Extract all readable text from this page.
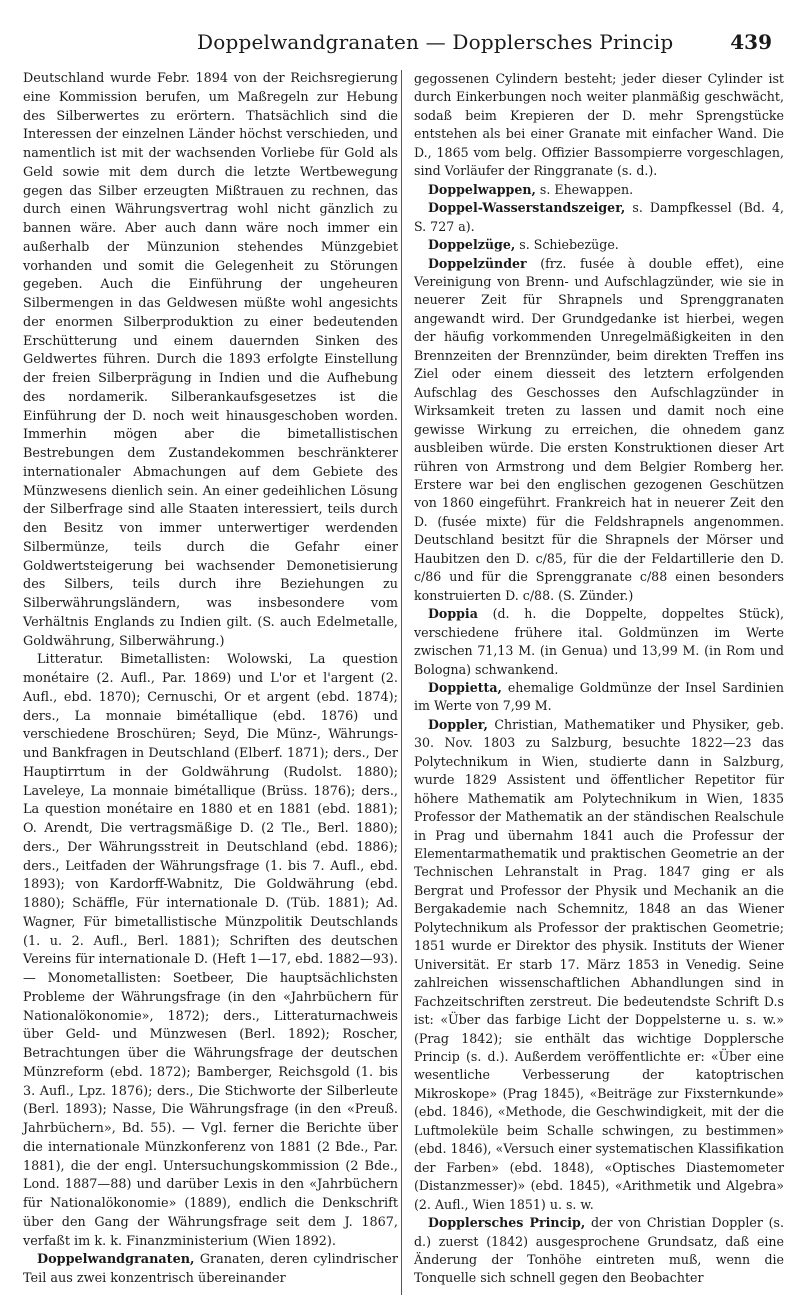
Doppelwandgranaten — Dopplersches Princip	439

Deutschland wurde Febr. 1894 von der Reichsregierung eine Kommission berufen, um Maßregeln zur Hebung des Silberwertes zu erörtern. Thatsächlich sind die Interessen der einzelnen Länder höchst verschieden, und namentlich ist mit der wachsenden Vorliebe für Gold als Geld sowie mit dem durch die letzte Wertbewegung gegen das Silber erzeugten Mißtrauen zu rechnen, das durch einen Währungsvertrag wohl nicht gänzlich zu bannen wäre. Aber auch dann wäre noch immer ein außerhalb der Münzunion stehendes Münzgebiet vorhanden und somit die Gelegenheit zu Störungen gegeben. Auch die Einführung der ungeheuren Silbermengen in das Geldwesen müßte wohl angesichts der enormen Silberproduktion zu einer bedeutenden Erschütterung und einem dauernden Sinken des Geldwertes führen. Durch die 1893 erfolgte Einstellung der freien Silberprägung in Indien und die Aufhebung des nordamerik. Silberankaufsgesetzes ist die Einführung der D. noch weit hinausgeschoben worden. Immerhin mögen aber die bimetallistischen Bestrebungen dem Zustandekommen beschränkterer internationaler Abmachungen auf dem Gebiete des Münzwesens dienlich sein. An einer gedeihlichen Lösung der Silberfrage sind alle Staaten interessiert, teils durch den Besitz von immer unterwertiger werdenden Silbermünze, teils durch die Gefahr einer Goldwertsteigerung bei wachsender Demonetisierung des Silbers, teils durch ihre Beziehungen zu Silberwährungsländern, was insbesondere vom Verhältnis Englands zu Indien gilt. (S. auch Edelmetalle, Goldwährung, Silberwährung.)

Litteratur. Bimetallisten: Wolowski, La question monétaire (2. Aufl., Par. 1869) und L'or et l'argent (2. Aufl., ebd. 1870); Cernuschi, Or et argent (ebd. 1874); ders., La monnaie bimétallique (ebd. 1876) und verschiedene Broschüren; Seyd, Die Münz-, Währungs- und Bankfragen in Deutschland (Elberf. 1871); ders., Der Hauptirrtum in der Goldwährung (Rudolst. 1880); Laveleye, La monnaie bimétallique (Brüss. 1876); ders., La question monétaire en 1880 et en 1881 (ebd. 1881); O. Arendt, Die vertragsmäßige D. (2 Tle., Berl. 1880); ders., Der Währungsstreit in Deutschland (ebd. 1886); ders., Leitfaden der Währungsfrage (1. bis 7. Aufl., ebd. 1893); von Kardorff-Wabnitz, Die Goldwährung (ebd. 1880); Schäffle, Für internationale D. (Tüb. 1881); Ad. Wagner, Für bimetallistische Münzpolitik Deutschlands (1. u. 2. Aufl., Berl. 1881); Schriften des deutschen Vereins für internationale D. (Heft 1—17, ebd. 1882—93). — Monometallisten: Soetbeer, Die hauptsächlichsten Probleme der Währungsfrage (in den «Jahrbüchern für Nationalökonomie», 1872); ders., Litteraturnachweis über Geld- und Münzwesen (Berl. 1892); Roscher, Betrachtungen über die Währungsfrage der deutschen Münzreform (ebd. 1872); Bamberger, Reichsgold (1. bis 3. Aufl., Lpz. 1876); ders., Die Stichworte der Silberleute (Berl. 1893); Nasse, Die Währungsfrage (in den «Preuß. Jahrbüchern», Bd. 55). — Vgl. ferner die Berichte über die internationale Münzkonferenz von 1881 (2 Bde., Par. 1881), die der engl. Untersuchungskommission (2 Bde., Lond. 1887—88) und darüber Lexis in den «Jahrbüchern für Nationalökonomie» (1889), endlich die Denkschrift über den Gang der Währungsfrage seit dem J. 1867, verfaßt im k. k. Finanzministerium (Wien 1892).

Doppelwandgranaten, Granaten, deren cylindrischer Teil aus zwei konzentrisch übereinander

gegossenen Cylindern besteht; jeder dieser Cylinder ist durch Einkerbungen noch weiter planmäßig geschwächt, sodaß beim Krepieren der D. mehr Sprengstücke entstehen als bei einer Granate mit einfacher Wand. Die D., 1865 vom belg. Offizier Bassompierre vorgeschlagen, sind Vorläufer der Ringgranate (s. d.).

Doppelwappen, s. Ehewappen.

Doppel-Wasserstandszeiger, s. Dampfkessel (Bd. 4, S. 727 a).

Doppelzüge, s. Schiebezüge.

Doppelzünder (frz. fusée à double effet), eine Vereinigung von Brenn- und Aufschlagzünder, wie sie in neuerer Zeit für Shrapnels und Sprenggranaten angewandt wird. Der Grundgedanke ist hierbei, wegen der häufig vorkommenden Unregelmäßigkeiten in den Brennzeiten der Brennzünder, beim direkten Treffen ins Ziel oder einem diesseit des letztern erfolgenden Aufschlag des Geschosses den Aufschlagzünder in Wirksamkeit treten zu lassen und damit noch eine gewisse Wirkung zu erreichen, die ohnedem ganz ausbleiben würde. Die ersten Konstruktionen dieser Art rühren von Armstrong und dem Belgier Romberg her. Erstere war bei den englischen gezogenen Geschützen von 1860 eingeführt. Frankreich hat in neuerer Zeit den D. (fusée mixte) für die Feldshrapnels angenommen. Deutschland besitzt für die Shrapnels der Mörser und Haubitzen den D. c/85, für die der Feldartillerie den D. c/86 und für die Sprenggranate c/88 einen besonders konstruierten D. c/88. (S. Zünder.)

Doppia (d. h. die Doppelte, doppeltes Stück), verschiedene frühere ital. Goldmünzen im Werte zwischen 71,13 M. (in Genua) und 13,99 M. (in Rom und Bologna) schwankend.

Doppietta, ehemalige Goldmünze der Insel Sardinien im Werte von 7,99 M.

Doppler, Christian, Mathematiker und Physiker, geb. 30. Nov. 1803 zu Salzburg, besuchte 1822—23 das Polytechnikum in Wien, studierte dann in Salzburg, wurde 1829 Assistent und öffentlicher Repetitor für höhere Mathematik am Polytechnikum in Wien, 1835 Professor der Mathematik an der ständischen Realschule in Prag und übernahm 1841 auch die Professur der Elementarmathematik und praktischen Geometrie an der Technischen Lehranstalt in Prag. 1847 ging er als Bergrat und Professor der Physik und Mechanik an die Bergakademie nach Schemnitz, 1848 an das Wiener Polytechnikum als Professor der praktischen Geometrie; 1851 wurde er Direktor des physik. Instituts der Wiener Universität. Er starb 17. März 1853 in Venedig. Seine zahlreichen wissenschaftlichen Abhandlungen sind in Fachzeitschriften zerstreut. Die bedeutendste Schrift D.s ist: «Über das farbige Licht der Doppelsterne u. s. w.» (Prag 1842); sie enthält das wichtige Dopplersche Princip (s. d.). Außerdem veröffentlichte er: «Über eine wesentliche Verbesserung der katoptrischen Mikroskope» (Prag 1845), «Beiträge zur Fixsternkunde» (ebd. 1846), «Methode, die Geschwindigkeit, mit der die Luftmoleküle beim Schalle schwingen, zu bestimmen» (ebd. 1846), «Versuch einer systematischen Klassifikation der Farben» (ebd. 1848), «Optisches Diastemometer (Distanzmesser)» (ebd. 1845), «Arithmetik und Algebra» (2. Aufl., Wien 1851) u. s. w.

Dopplersches Princip, der von Christian Doppler (s. d.) zuerst (1842) ausgesprochene Grundsatz, daß eine Änderung der Tonhöhe eintreten muß, wenn die Tonquelle sich schnell gegen den Beobachter
